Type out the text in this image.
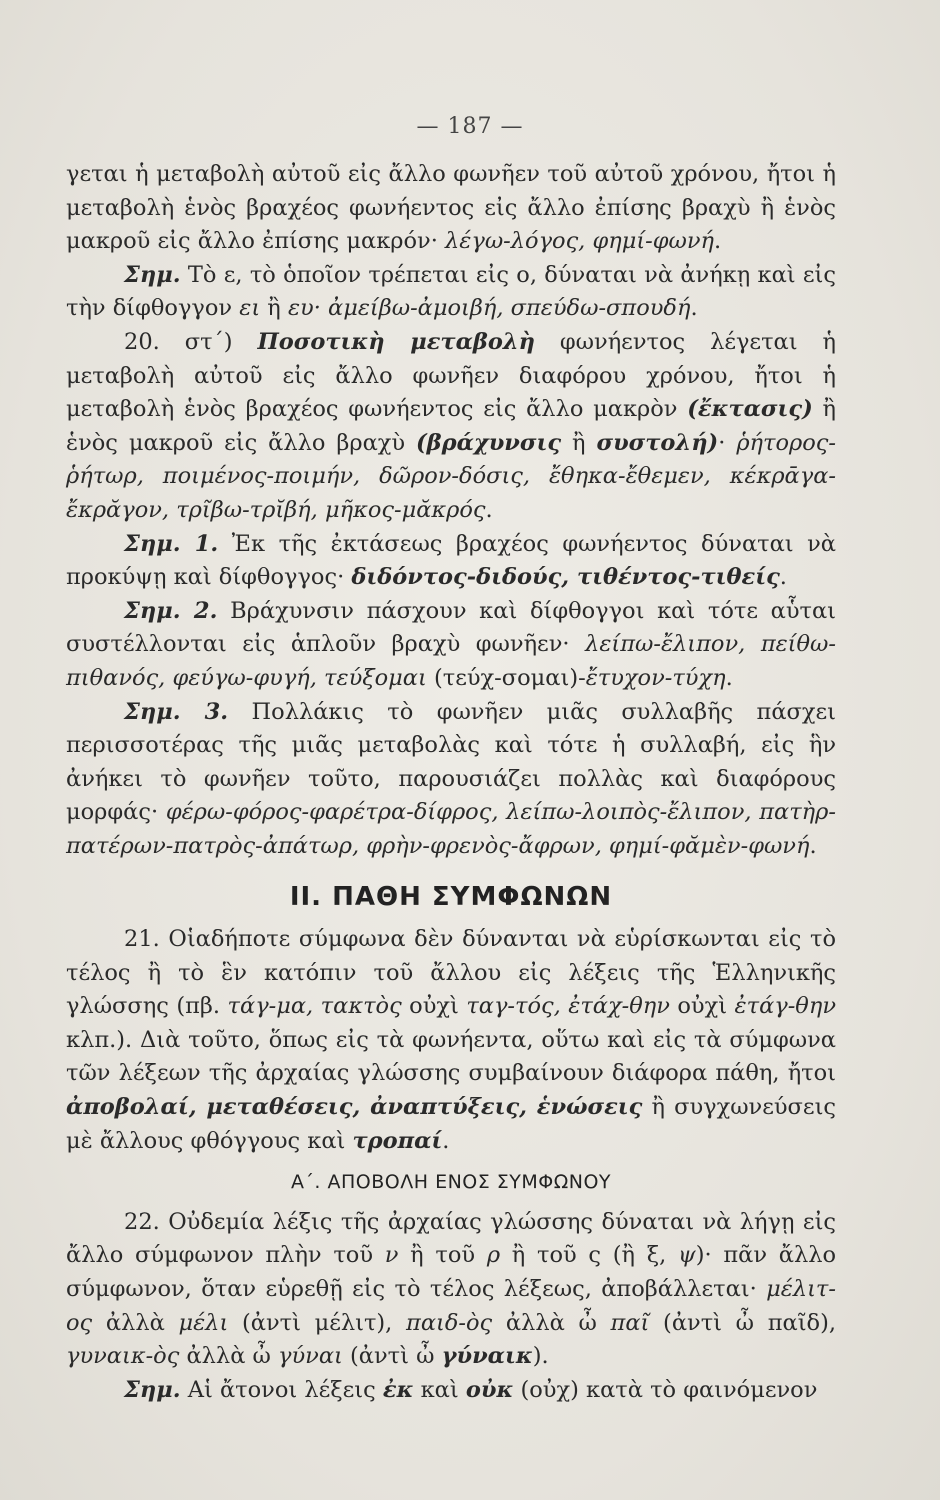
— 187 —

γεται ἡ μεταβολὴ αὐτοῦ εἰς ἄλλο φωνῆεν τοῦ αὐτοῦ χρόνου, ἤτοι ἡ μεταβολὴ ἑνὸς βραχέος φωνήεντος εἰς ἄλλο ἐπίσης βραχὺ ἢ ἑνὸς μακροῦ εἰς ἄλλο ἐπίσης μακρόν· λέγω-λόγος, φημί-φωνή.

Σημ. Τὸ ε, τὸ ὁποῖον τρέπεται εἰς ο, δύναται νὰ ἀνήκῃ καὶ εἰς τὴν δίφθογγον ει ἢ ευ· ἀμείβω-ἀμοιβή, σπεύδω-σπουδή.

20. στ΄) Ποσοτικὴ μεταβολὴ φωνήεντος λέγεται ἡ μεταβολὴ αὐτοῦ εἰς ἄλλο φωνῆεν διαφόρου χρόνου, ἤτοι ἡ μεταβολὴ ἑνὸς βραχέος φωνήεντος εἰς ἄλλο μακρὸν (ἔκτασις) ἢ ἑνὸς μακροῦ εἰς ἄλλο βραχὺ (βράχυνσις ἢ συστολή)· ῥήτορος-ῥήτωρ, ποιμένος-ποιμήν, δῶρον-δόσις, ἔθηκα-ἔθεμεν, κέκρᾱγα-ἔκρᾰγον, τρῖβω-τρῐβή, μῆκος-μᾰκρός.

Σημ. 1. Ἐκ τῆς ἐκτάσεως βραχέος φωνήεντος δύναται νὰ προκύψῃ καὶ δίφθογγος· διδόντος-διδούς, τιθέντος-τιθείς.

Σημ. 2. Βράχυνσιν πάσχουν καὶ δίφθογγοι καὶ τότε αὗται συστέλλονται εἰς ἁπλοῦν βραχὺ φωνῆεν· λείπω-ἔλιπον, πείθω-πιθανός, φεύγω-φυγή, τεύξομαι (τεύχ-σομαι)-ἔτυχον-τύχη.

Σημ. 3. Πολλάκις τὸ φωνῆεν μιᾶς συλλαβῆς πάσχει περισσοτέρας τῆς μιᾶς μεταβολὰς καὶ τότε ἡ συλλαβή, εἰς ἣν ἀνήκει τὸ φωνῆεν τοῦτο, παρουσιάζει πολλὰς καὶ διαφόρους μορφάς· φέρω-φόρος-φαρέτρα-δίφρος, λείπω-λοιπὸς-ἔλιπον, πατὴρ-πατέρων-πατρὸς-ἀπάτωρ, φρὴν-φρενὸς-ἄφρων, φημί-φᾰμὲν-φωνή.

ΙΙ. ΠΑΘΗ ΣΥΜΦΩΝΩΝ

21. Οἱαδήποτε σύμφωνα δὲν δύνανται νὰ εὑρίσκωνται εἰς τὸ τέλος ἢ τὸ ἓν κατόπιν τοῦ ἄλλου εἰς λέξεις τῆς Ἑλληνικῆς γλώσσης (πβ. τάγ-μα, τακτὸς οὐχὶ ταγ-τός, ἐτάχ-θην οὐχὶ ἐτάγ-θην κλπ.). Διὰ τοῦτο, ὅπως εἰς τὰ φωνήεντα, οὕτω καὶ εἰς τὰ σύμφωνα τῶν λέξεων τῆς ἀρχαίας γλώσσης συμβαίνουν διάφορα πάθη, ἤτοι ἀποβολαί, μεταθέσεις, ἀναπτύξεις, ἑνώσεις ἢ συγχωνεύσεις μὲ ἄλλους φθόγγους καὶ τροπαί.

Α΄. ΑΠΟΒΟΛΗ ΕΝΟΣ ΣΥΜΦΩΝΟΥ

22. Οὐδεμία λέξις τῆς ἀρχαίας γλώσσης δύναται νὰ λήγῃ εἰς ἄλλο σύμφωνον πλὴν τοῦ ν ἢ τοῦ ρ ἢ τοῦ ς (ἢ ξ, ψ)· πᾶν ἄλλο σύμφωνον, ὅταν εὑρεθῇ εἰς τὸ τέλος λέξεως, ἀποβάλλεται· μέλιτ-ος ἀλλὰ μέλι (ἀντὶ μέλιτ), παιδ-ὸς ἀλλὰ ὦ παῖ (ἀντὶ ὦ παῖδ), γυναικ-ὸς ἀλλὰ ὦ γύναι (ἀντὶ ὦ γύναικ).

Σημ. Αἱ ἄτονοι λέξεις ἐκ καὶ οὐκ (οὐχ) κατὰ τὸ φαινόμενον
